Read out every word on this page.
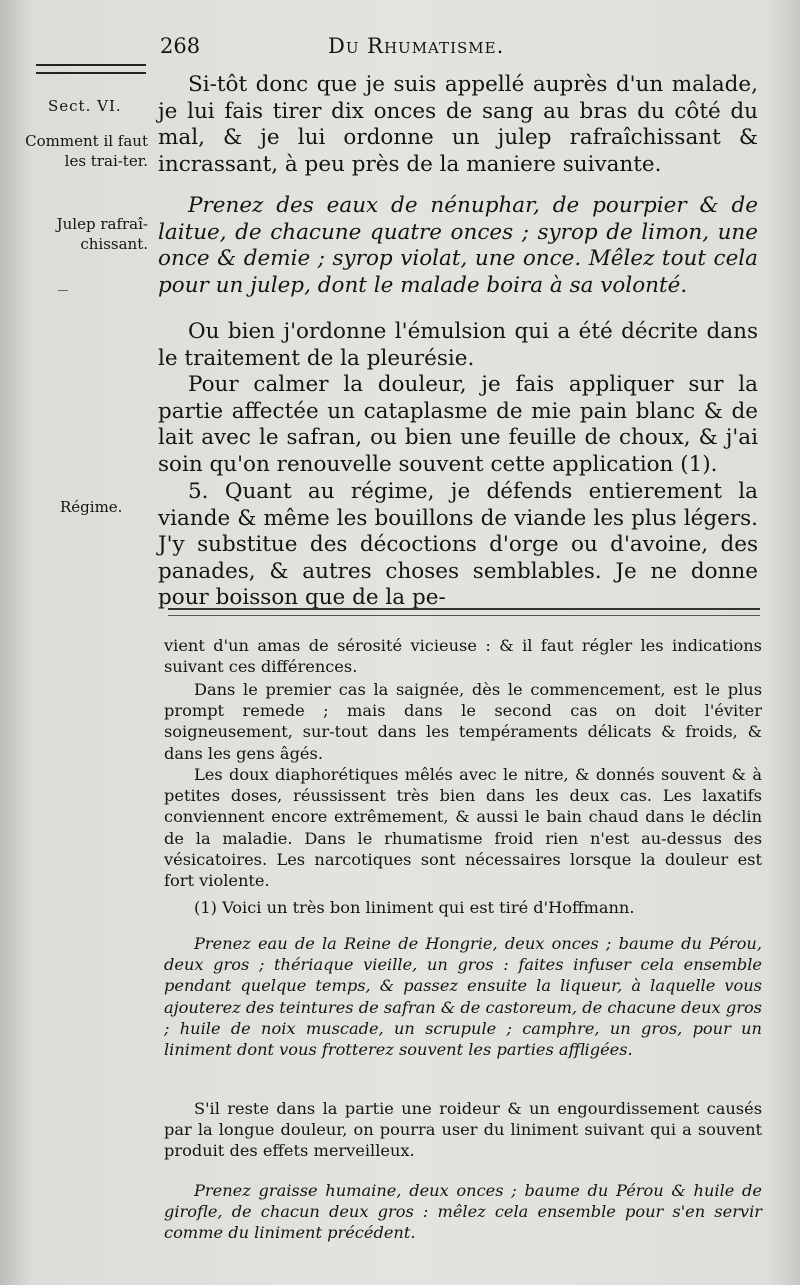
268	Du Rhumatisme.
Sect. VI.
Comment il faut les trai-ter.
Julep rafraî-chissant.
Régime.

Si-tôt donc que je suis appellé auprès d'un malade, je lui fais tirer dix onces de sang au bras du côté du mal, & je lui ordonne un julep rafraîchissant & incrassant, à peu près de la maniere suivante.

Prenez des eaux de nénuphar, de pourpier & de laitue, de chacune quatre onces ; syrop de limon, une once & demie ; syrop violat, une once. Mêlez tout cela pour un julep, dont le malade boira à sa volonté.

Ou bien j'ordonne l'émulsion qui a été décrite dans le traitement de la pleurésie.

Pour calmer la douleur, je fais appliquer sur la partie affectée un cataplasme de mie pain blanc & de lait avec le safran, ou bien une feuille de choux, & j'ai soin qu'on renouvelle souvent cette application (1).

5. Quant au régime, je défends entierement la viande & même les bouillons de viande les plus légers. J'y substitue des décoctions d'orge ou d'avoine, des panades, & autres choses semblables. Je ne donne pour boisson que de la pe-

vient d'un amas de sérosité vicieuse : & il faut régler les indications suivant ces différences.

Dans le premier cas la saignée, dès le commencement, est le plus prompt remede ; mais dans le second cas on doit l'éviter soigneusement, sur-tout dans les tempéraments délicats & froids, & dans les gens âgés.

Les doux diaphorétiques mêlés avec le nitre, & donnés souvent & à petites doses, réussissent très bien dans les deux cas. Les laxatifs conviennent encore extrêmement, & aussi le bain chaud dans le déclin de la maladie. Dans le rhumatisme froid rien n'est au-dessus des vésicatoires. Les narcotiques sont nécessaires lorsque la douleur est fort violente.

(1) Voici un très bon liniment qui est tiré d'Hoffmann.

Prenez eau de la Reine de Hongrie, deux onces ; baume du Pérou, deux gros ; thériaque vieille, un gros : faites infuser cela ensemble pendant quelque temps, & passez ensuite la liqueur, à laquelle vous ajouterez des teintures de safran & de castoreum, de chacune deux gros ; huile de noix muscade, un scrupule ; camphre, un gros, pour un liniment dont vous frotterez souvent les parties affligées.

S'il reste dans la partie une roideur & un engourdissement causés par la longue douleur, on pourra user du liniment suivant qui a souvent produit des effets merveilleux.

Prenez graisse humaine, deux onces ; baume du Pérou & huile de girofle, de chacun deux gros : mêlez cela ensemble pour s'en servir comme du liniment précédent.
